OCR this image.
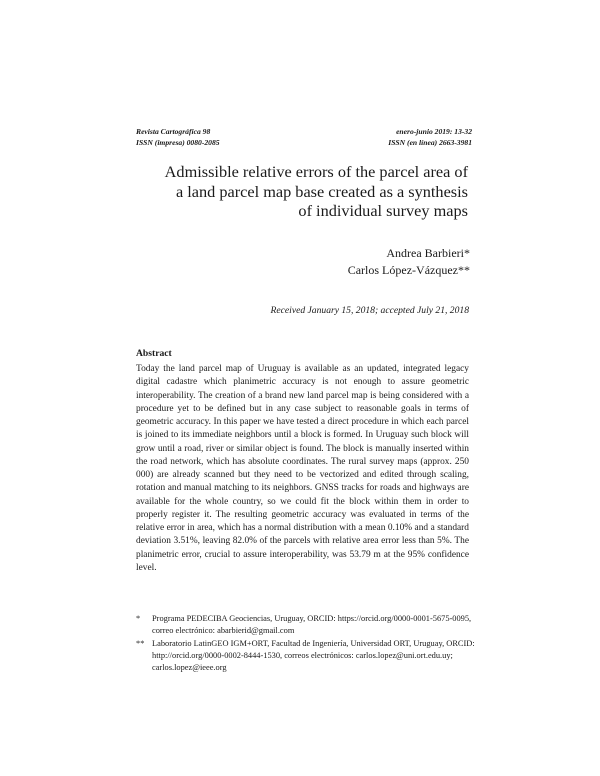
Revista Cartográfica 98
ISSN (impresa) 0080-2085
enero-junio 2019: 13-32
ISSN (en línea) 2663-3981
Admissible relative errors of the parcel area of a land parcel map base created as a synthesis of individual survey maps
Andrea Barbieri*
Carlos López-Vázquez**
Received January 15, 2018; accepted July 21, 2018
Abstract
Today the land parcel map of Uruguay is available as an updated, integrated legacy digital cadastre which planimetric accuracy is not enough to assure geometric interoperability. The creation of a brand new land parcel map is being considered with a procedure yet to be defined but in any case subject to reasonable goals in terms of geometric accuracy. In this paper we have tested a direct procedure in which each parcel is joined to its immediate neighbors until a block is formed. In Uruguay such block will grow until a road, river or similar object is found. The block is manually inserted within the road network, which has absolute coordinates. The rural survey maps (approx. 250 000) are already scanned but they need to be vectorized and edited through scaling, rotation and manual matching to its neighbors. GNSS tracks for roads and highways are available for the whole country, so we could fit the block within them in order to properly register it. The resulting geometric accuracy was evaluated in terms of the relative error in area, which has a normal distribution with a mean 0.10% and a standard deviation 3.51%, leaving 82.0% of the parcels with relative area error less than 5%. The planimetric error, crucial to assure interoperability, was 53.79 m at the 95% confidence level.
* Programa PEDECIBA Geociencias, Uruguay, ORCID: https://orcid.org/0000-0001-5675-0095, correo electrónico: abarbierid@gmail.com
** Laboratorio LatinGEO IGM+ORT, Facultad de Ingeniería, Universidad ORT, Uruguay, ORCID: http://orcid.org/0000-0002-8444-1530, correos electrónicos: carlos.lopez@uni.ort.edu.uy; carlos.lopez@ieee.org
